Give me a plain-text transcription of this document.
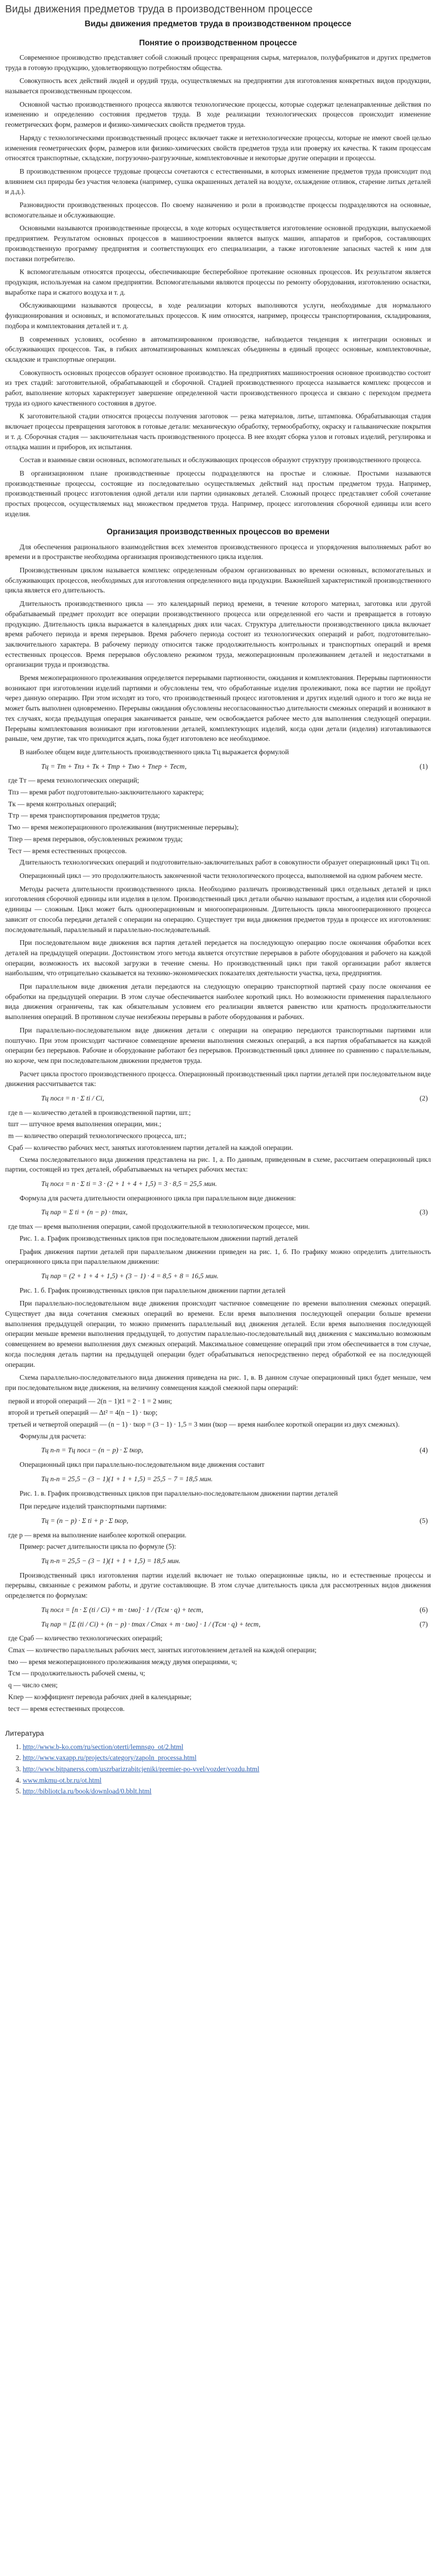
Виды движения предметов труда в производственном процессе
Виды движения предметов труда в производственном процессе
Понятие о производственном процессе

Современное производство представляет собой сложный процесс превращения сырья, материалов, полуфабрикатов и других предметов труда в готовую продукцию, удовлетворяющую потребностям общества.

Совокупность всех действий людей и орудий труда, осуществляемых на предприятии для изготовления конкретных видов продукции, называется производственным процессом.

Основной частью производственного процесса являются технологические процессы, которые содержат целенаправленные действия по изменению и определению состояния предметов труда. В ходе реализации технологических процессов происходит изменение геометрических форм, размеров и физико-химических свойств предметов труда.

Наряду с технологическими производственный процесс включает также и нетехнологические процессы, которые не имеют своей целью изменения геометрических форм, размеров или физико-химических свойств предметов труда или проверку их качества. К таким процессам относятся транспортные, складские, погрузочно-разгрузочные, комплектовочные и некоторые другие операции и процессы.

В производственном процессе трудовые процессы сочетаются с естественными, в которых изменение предметов труда происходит под влиянием сил природы без участия человека (например, сушка окрашенных деталей на воздухе, охлаждение отливок, старение литых деталей и д.д.).

Разновидности производственных процессов. По своему назначению и роли в производстве процессы подразделяются на основные, вспомогательные и обслуживающие.

Основными называются производственные процессы, в ходе которых осуществляется изготовление основной продукции, выпускаемой предприятием. Результатом основных процессов в машиностроении является выпуск машин, аппаратов и приборов, составляющих производственную программу предприятия и соответствующих его специализации, а также изготовление запасных частей к ним для поставки потребителю.

К вспомогательным относятся процессы, обеспечивающие бесперебойное протекание основных процессов. Их результатом является продукция, используемая на самом предприятии. Вспомогательными являются процессы по ремонту оборудования, изготовлению оснастки, выработке пара и сжатого воздуха и т. д.

Обслуживающими называются процессы, в ходе реализации которых выполняются услуги, необходимые для нормального функционирования и основных, и вспомогательных процессов. К ним относятся, например, процессы транспортирования, складирования, подбора и комплектования деталей и т. д.

В современных условиях, особенно в автоматизированном производстве, наблюдается тенденция к интеграции основных и обслуживающих процессов. Так, в гибких автоматизированных комплексах объединены в единый процесс основные, комплектовочные, складские и транспортные операции.

Совокупность основных процессов образует основное производство. На предприятиях машиностроения основное производство состоит из трех стадий: заготовительной, обрабатывающей и сборочной. Стадией производственного процесса называется комплекс процессов и работ, выполнение которых характеризует завершение определенной части производственного процесса и связано с переходом предмета труда из одного качественного состояния в другое.

К заготовительной стадии относятся процессы получения заготовок — резка материалов, литье, штамповка. Обрабатывающая стадия включает процессы превращения заготовок в готовые детали: механическую обработку, термообработку, окраску и гальванические покрытия и т. д. Сборочная стадия — заключительная часть производственного процесса. В нее входят сборка узлов и готовых изделий, регулировка и отладка машин и приборов, их испытания.

Состав и взаимные связи основных, вспомогательных и обслуживающих процессов образуют структуру производственного процесса.

В организационном плане производственные процессы подразделяются на простые и сложные. Простыми называются производственные процессы, состоящие из последовательно осуществляемых действий над простым предметом труда. Например, производственный процесс изготовления одной детали или партии одинаковых деталей. Сложный процесс представляет собой сочетание простых процессов, осуществляемых над множеством предметов труда. Например, процесс изготовления сборочной единицы или всего изделия.

Организация производственных процессов во времени

Для обеспечения рационального взаимодействия всех элементов производственного процесса и упорядочения выполняемых работ во времени и в пространстве необходима организация производственного цикла изделия.

Производственным циклом называется комплекс определенным образом организованных во времени основных, вспомогательных и обслуживающих процессов, необходимых для изготовления определенного вида продукции. Важнейшей характеристикой производственного цикла является его длительность.

Длительность производственного цикла — это календарный период времени, в течение которого материал, заготовка или другой обрабатываемый предмет проходит все операции производственного процесса или определенной его части и превращается в готовую продукцию. Длительность цикла выражается в календарных днях или часах. Структура длительности производственного цикла включает время рабочего периода и время перерывов. Время рабочего периода состоит из технологических операций и работ, подготовительно-заключительного характера. В рабочему периоду относится также продолжительность контрольных и транспортных операций и время естественных процессов. Время перерывов обусловлено режимом труда, межоперационным пролеживанием деталей и недостатками в организации труда и производства.

Время межоперационного пролеживания определяется перерывами партионности, ожидания и комплектования. Перерывы партионности возникают при изготовлении изделий партиями и обусловлены тем, что обработанные изделия пролеживают, пока все партии не пройдут через данную операцию. При этом исходят из того, что производственный процесс изготовления и других изделий одного и того же вида не может быть выполнен одновременно. Перерывы ожидания обусловлены несогласованностью длительности смежных операций и возникают в тех случаях, когда предыдущая операция заканчивается раньше, чем освобождается рабочее место для выполнения следующей операции. Перерывы комплектования возникают при изготовлении деталей, комплектующих изделий, когда одни детали (изделия) изготавливаются раньше, чем другие, так что приходится ждать, пока будет изготовлено все необходимое.

В наиболее общем виде длительность производственного цикла Тц выражается формулой

Тц = Тт + Тпз + Тк + Ттр + Тмо + Тпер + Тест,	(1)

где Тт — время технологических операций;

Тпз — время работ подготовительно-заключительного характера;

Тк — время контрольных операций;

Ттр — время транспортирования предметов труда;

Тмо — время межоперационного пролеживания (внутрисменные перерывы);

Тпер — время перерывов, обусловленных режимом труда;

Тест — время естественных процессов.

Длительность технологических операций и подготовительно-заключительных работ в совокупности образует операционный цикл Тц оп.

Операционный цикл — это продолжительность законченной части технологического процесса, выполняемой на одном рабочем месте.

Методы расчета длительности производственного цикла. Необходимо различать производственный цикл отдельных деталей и цикл изготовления сборочной единицы или изделия в целом. Производственный цикл детали обычно называют простым, а изделия или сборочной единицы — сложным. Цикл может быть однооперационным и многооперационным. Длительность цикла многооперационного процесса зависит от способа передачи деталей с операции на операцию. Существует три вида движения предметов труда в процессе их изготовления: последовательный, параллельный и параллельно-последовательный.

При последовательном виде движения вся партия деталей передается на последующую операцию после окончания обработки всех деталей на предыдущей операции. Достоинством этого метода является отсутствие перерывов в работе оборудования и рабочего на каждой операции, возможность их высокой загрузки в течение смены. Но производственный цикл при такой организации работ является наибольшим, что отрицательно сказывается на технико-экономических показателях деятельности участка, цеха, предприятия.

При параллельном виде движения детали передаются на следующую операцию транспортной партией сразу после окончания ее обработки на предыдущей операции. В этом случае обеспечивается наиболее короткий цикл. Но возможности применения параллельного вида движения ограничены, так как обязательным условием его реализации является равенство или кратность продолжительности выполнения операций. В противном случае неизбежны перерывы в работе оборудования и рабочих.

При параллельно-последовательном виде движения детали с операции на операцию передаются транспортными партиями или поштучно. При этом происходит частичное совмещение времени выполнения смежных операций, а вся партия обрабатывается на каждой операции без перерывов. Рабочие и оборудование работают без перерывов. Производственный цикл длиннее по сравнению с параллельным, но короче, чем при последовательном движении предметов труда.

Расчет цикла простого производственного процесса. Операционный производственный цикл партии деталей при последовательном виде движения рассчитывается так:

Тц посл = n · Σ ti / Ci,	(2)

где n — количество деталей в производственной партии, шт.;

tшт — штучное время выполнения операции, мин.;

m — количество операций технологического процесса, шт.;

Cраб — количество рабочих мест, занятых изготовлением партии деталей на каждой операции.

Схема последовательного вида движения представлена на рис. 1, а. По данным, приведенным в схеме, рассчитаем операционный цикл партии, состоящей из трех деталей, обрабатываемых на четырех рабочих местах:

Тц посл = n · Σ ti = 3 · (2 + 1 + 4 + 1,5) = 3 · 8,5 = 25,5 мин.

Формула для расчета длительности операционного цикла при параллельном виде движения:

Тц пар = Σ ti + (n − p) · tmax,	(3)

где tmax — время выполнения операции, самой продолжительной в технологическом процессе, мин.

Рис. 1. а. График производственных циклов при последовательном движении партий деталей

График движения партии деталей при параллельном движении приведен на рис. 1, б. По графику можно определить длительность операционного цикла при параллельном движении:

Тц пар = (2 + 1 + 4 + 1,5) + (3 − 1) · 4 = 8,5 + 8 = 16,5 мин.

Рис. 1. б. График производственных циклов при параллельном движении партии деталей

При параллельно-последовательном виде движения происходит частичное совмещение по времени выполнения смежных операций. Существует два вида сочетания смежных операций во времени. Если время выполнения последующей операции больше времени выполнения предыдущей операции, то можно применить параллельный вид движения деталей. Если время выполнения последующей операции меньше времени выполнения предыдущей, то допустим параллельно-последовательный вид движения с максимально возможным совмещением во времени выполнения двух смежных операций. Максимальное совмещение операций при этом обеспечивается в том случае, когда последняя деталь партии на предыдущей операции будет обрабатываться непосредственно перед обработкой ее на последующей операции.

Схема параллельно-последовательного вида движения приведена на рис. 1, в. В данном случае операционный цикл будет меньше, чем при последовательном виде движения, на величину совмещения каждой смежной пары операций:

первой и второй операций — 2(n − 1)t1 = 2 · 1 = 2 мин;

второй и третьей операций — Δt² = 4(n − 1) · tкор;

третьей и четвертой операций — (n − 1) · tкор = (3 − 1) · 1,5 = 3 мин (tкор — время наиболее короткой операции из двух смежных).

Формулы для расчета:

Тц п-п = Тц посл − (n − p) · Σ tкор,	(4)

Операционный цикл при параллельно-последовательном виде движения составит

Тц п-п = 25,5 − (3 − 1)(1 + 1 + 1,5) = 25,5 − 7 = 18,5 мин.

Рис. 1. в. График производственных циклов при параллельно-последовательном движении партии деталей

При передаче изделий транспортными партиями:

Тц = (n − p) · Σ ti + p · Σ tкор,	(5)

где p — время на выполнение наиболее короткой операции.

Пример: расчет длительности цикла по формуле (5):

Тц п-п = 25,5 − (3 − 1)(1 + 1 + 1,5) = 18,5 мин.

Производственный цикл изготовления партии изделий включает не только операционные циклы, но и естественные процессы и перерывы, связанные с режимом работы, и другие составляющие. В этом случае длительность цикла для рассмотренных видов движения определяется по формулам:

Тц посл = [n · Σ (ti / Ci) + m · tмо] · 1 / (Tсм · q) + tест,	(6)
Тц пар = [Σ (ti / Ci) + (n − p) · tmax / Cmax + m · tмо] · 1 / (Tсм · q) + tест,	(7)

где Cраб — количество технологических операций;

Cmax — количество параллельных рабочих мест, занятых изготовлением деталей на каждой операции;

tмо — время межоперационного пролеживания между двумя операциями, ч;

Tсм — продолжительность рабочей смены, ч;

q — число смен;

Kпер — коэффициент перевода рабочих дней в календарные;

tест — время естественных процессов.

Литература
1. http://www.b-ko.com/ru/section/oterti/lemnsgo_ot/2.html
2. http://www.vaxapp.ru/projects/category/zapoln_processa.html
3. http://www.bitpanerss.com/uszrbarizrabitcjeniki/premier-po-vvel/vozder/vozdu.html
4. www.mkmu-ot.br.ru/ot.html
5. http://bibliotcla.ru/book/download/0.bblt.html
